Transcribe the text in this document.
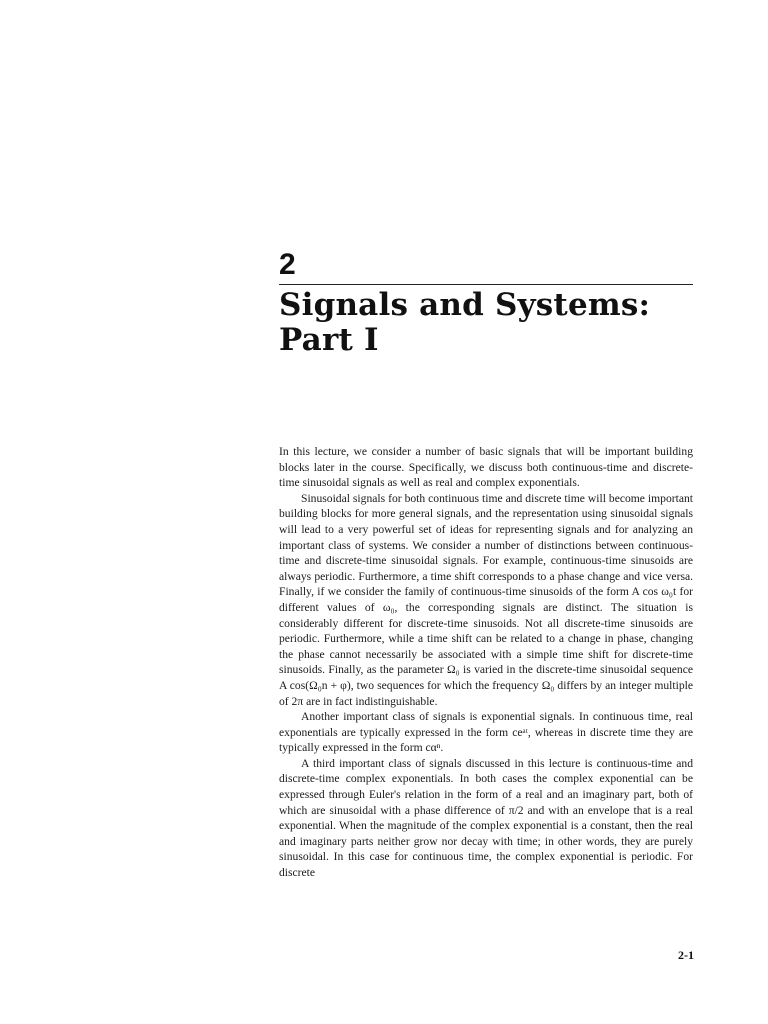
2
Signals and Systems:
Part I

In this lecture, we consider a number of basic signals that will be important building blocks later in the course. Specifically, we discuss both continuous-time and discrete-time sinusoidal signals as well as real and complex exponentials.

Sinusoidal signals for both continuous time and discrete time will become important building blocks for more general signals, and the representation using sinusoidal signals will lead to a very powerful set of ideas for representing signals and for analyzing an important class of systems. We consider a number of distinctions between continuous-time and discrete-time sinusoidal signals. For example, continuous-time sinusoids are always periodic. Furthermore, a time shift corresponds to a phase change and vice versa. Finally, if we consider the family of continuous-time sinusoids of the form A cos ω₀t for different values of ω₀, the corresponding signals are distinct. The situation is considerably different for discrete-time sinusoids. Not all discrete-time sinusoids are periodic. Furthermore, while a time shift can be related to a change in phase, changing the phase cannot necessarily be associated with a simple time shift for discrete-time sinusoids. Finally, as the parameter Ω₀ is varied in the discrete-time sinusoidal sequence A cos(Ω₀n + φ), two sequences for which the frequency Ω₀ differs by an integer multiple of 2π are in fact indistinguishable.

Another important class of signals is exponential signals. In continuous time, real exponentials are typically expressed in the form ceᵃᵗ, whereas in discrete time they are typically expressed in the form cαⁿ.

A third important class of signals discussed in this lecture is continuous-time and discrete-time complex exponentials. In both cases the complex exponential can be expressed through Euler's relation in the form of a real and an imaginary part, both of which are sinusoidal with a phase difference of π/2 and with an envelope that is a real exponential. When the magnitude of the complex exponential is a constant, then the real and imaginary parts neither grow nor decay with time; in other words, they are purely sinusoidal. In this case for continuous time, the complex exponential is periodic. For discrete

2-1
